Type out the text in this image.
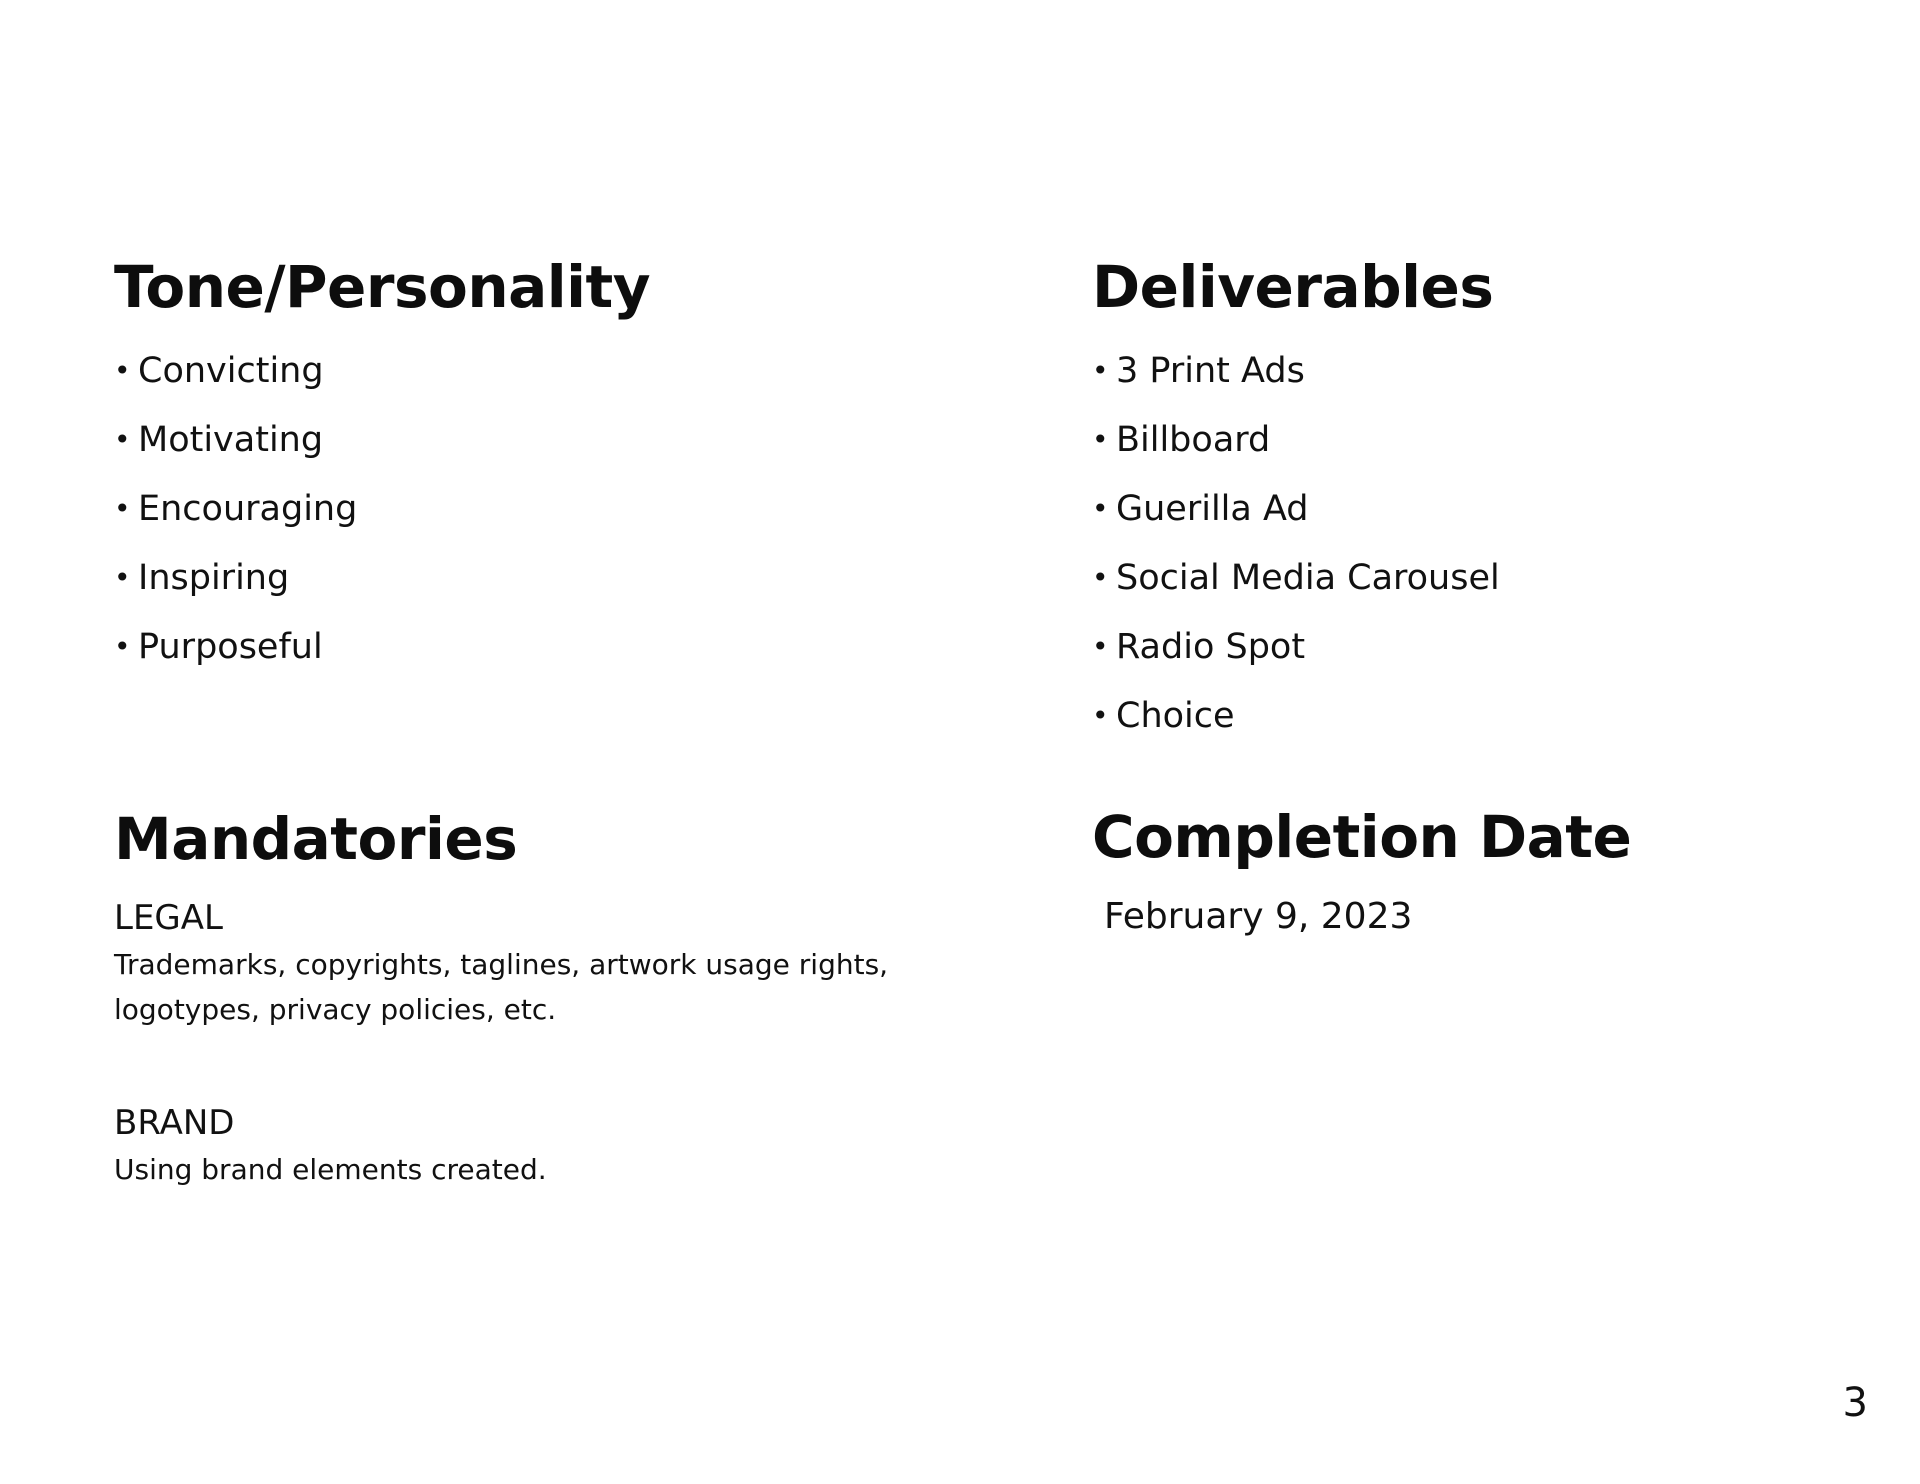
Tone/Personality
• Convicting
• Motivating
• Encouraging
• Inspiring
• Purposeful
Deliverables
• 3 Print Ads
• Billboard
• Guerilla Ad
• Social Media Carousel
• Radio Spot
• Choice
Mandatories

LEGAL

Trademarks, copyrights, taglines, artwork usage rights, logotypes, privacy policies, etc.

BRAND

Using brand elements created.

Completion Date

February 9, 2023

3
